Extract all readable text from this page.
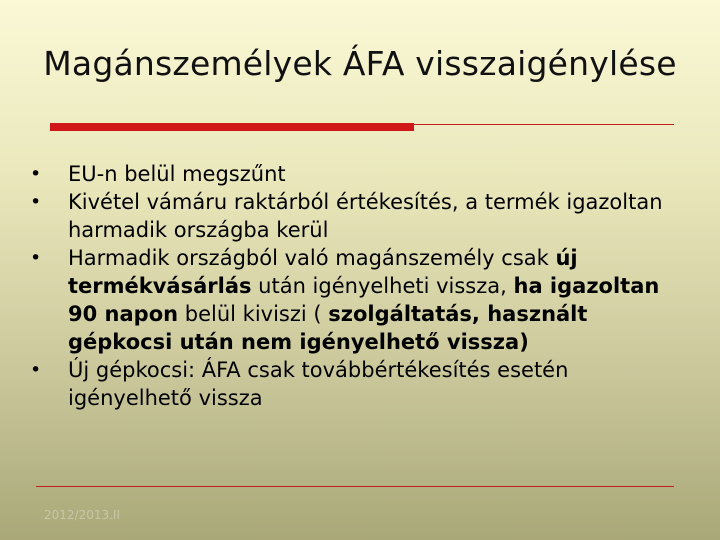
Magánszemélyek ÁFA visszaigénylése
•	EU-n belül megszűnt
•	Kivétel vámáru raktárból értékesítés, a termék igazoltan harmadik országba kerül
•	Harmadik országból való magánszemély csak új termékvásárlás után igényelheti vissza, ha igazoltan 90 napon belül kiviszi ( szolgáltatás, használt gépkocsi után nem igényelhető vissza)
•	Új gépkocsi: ÁFA csak továbbértékesítés esetén igényelhető vissza
2012/2013.II
